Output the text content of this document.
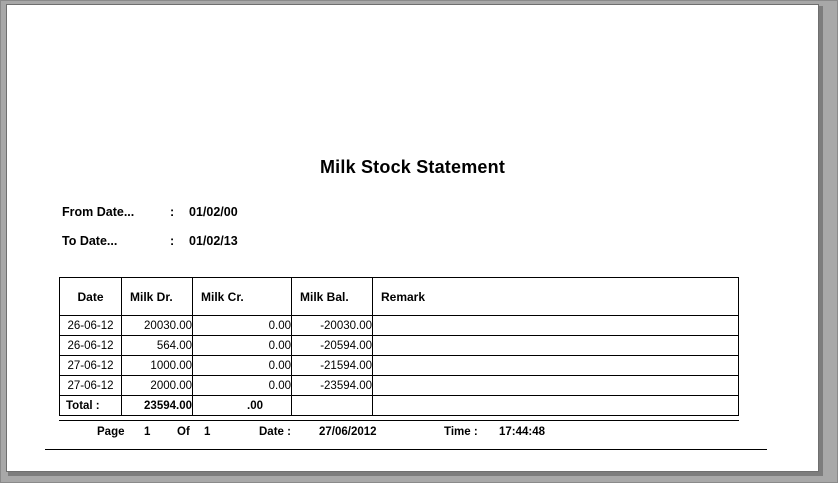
Milk Stock Statement
From Date...	: 01/02/00
To Date...	: 01/02/13
Date	Milk Dr.	Milk Cr.	Milk Bal.	Remark
26-06-12	20030.00	0.00	-20030.00	
26-06-12	564.00	0.00	-20594.00	
27-06-12	1000.00	0.00	-21594.00	
27-06-12	2000.00	0.00	-23594.00	
Total :	23594.00	.00		
Page 1 Of 1	Date : 27/06/2012	Time : 17:44:48
